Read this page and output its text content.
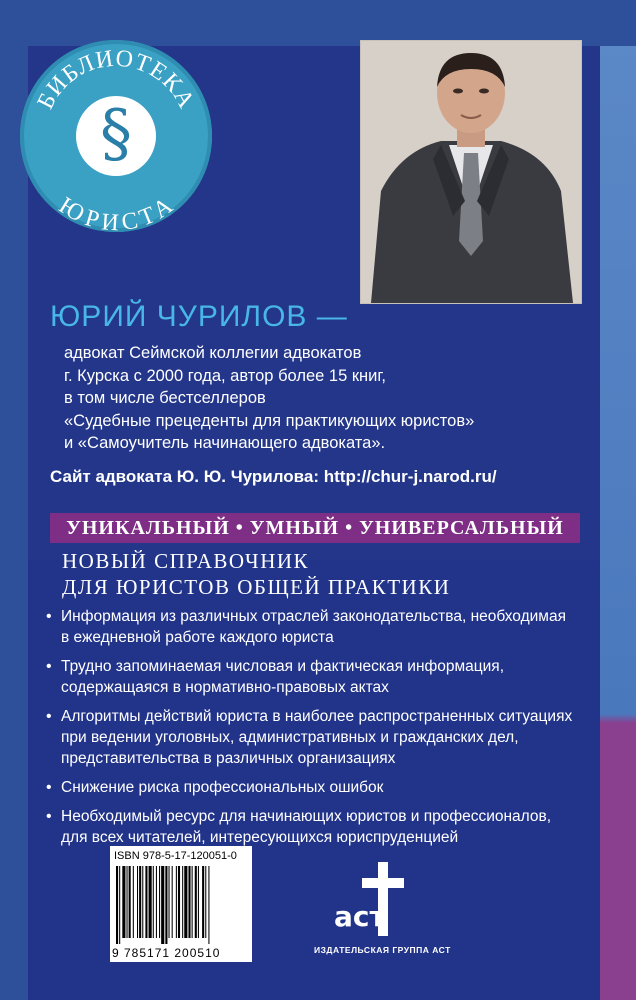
БИБЛИОТЕКА
ЮРИСТА
§
ЮРИЙ ЧУРИЛОВ —
адвокат Сеймской коллегии адвокатов
г. Курска с 2000 года, автор более 15 книг,
в том числе бестселлеров
«Судебные прецеденты для практикующих юристов»
и «Самоучитель начинающего адвоката».
Сайт адвоката Ю. Ю. Чурилова: http://chur-j.narod.ru/
УНИКАЛЬНЫЙ • УМНЫЙ • УНИВЕРСАЛЬНЫЙ
НОВЫЙ СПРАВОЧНИК
ДЛЯ ЮРИСТОВ ОБЩЕЙ ПРАКТИКИ
• Информация из различных отраслей законодательства, необходимая
в ежедневной работе каждого юриста
• Трудно запоминаемая числовая и фактическая информация,
содержащаяся в нормативно-правовых актах
• Алгоритмы действий юриста в наиболее распространенных ситуациях
при ведении уголовных, административных и гражданских дел,
представительства в различных организациях
• Снижение риска профессиональных ошибок
• Необходимый ресурс для начинающих юристов и профессионалов,
для всех читателей, интересующихся юриспруденцией
ISBN 978-5-17-120051-0
9 785171 200510
аст
ИЗДАТЕЛЬСКАЯ ГРУППА АСТ
